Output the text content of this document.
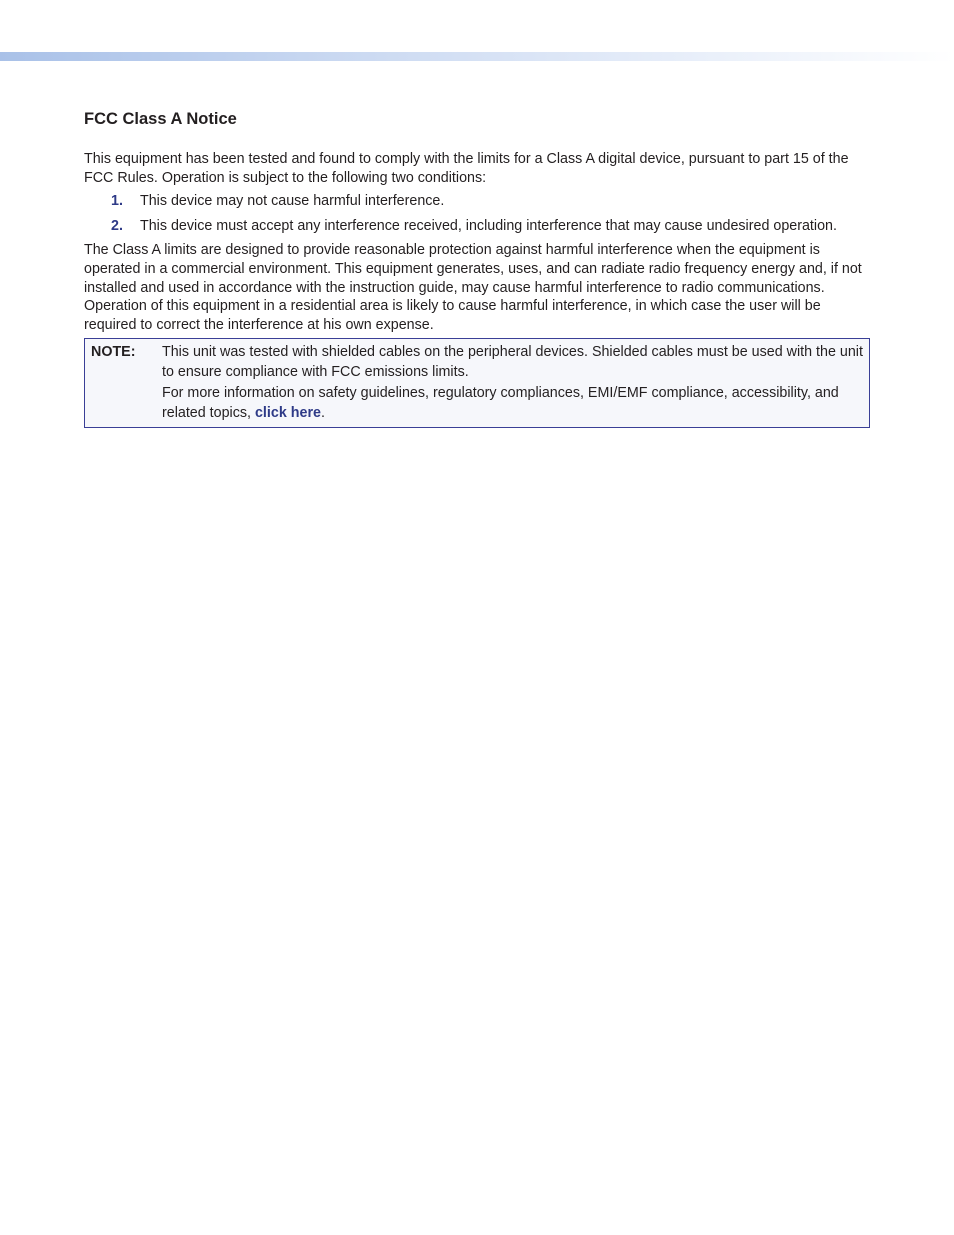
FCC Class A Notice

This equipment has been tested and found to comply with the limits for a Class A digital device, pursuant to part 15 of the FCC Rules. Operation is subject to the following two conditions:

1.	This device may not cause harmful interference.
2.	This device must accept any interference received, including interference that may cause undesired operation.

The Class A limits are designed to provide reasonable protection against harmful interference when the equipment is operated in a commercial environment. This equipment generates, uses, and can radiate radio frequency energy and, if not installed and used in accordance with the instruction guide, may cause harmful interference to radio communications. Operation of this equipment in a residential area is likely to cause harmful interference, in which case the user will be required to correct the interference at his own expense.

NOTE:	This unit was tested with shielded cables on the peripheral devices. Shielded cables must be used with the unit to ensure compliance with FCC emissions limits.

For more information on safety guidelines, regulatory compliances, EMI/EMF compliance, accessibility, and related topics, click here.
